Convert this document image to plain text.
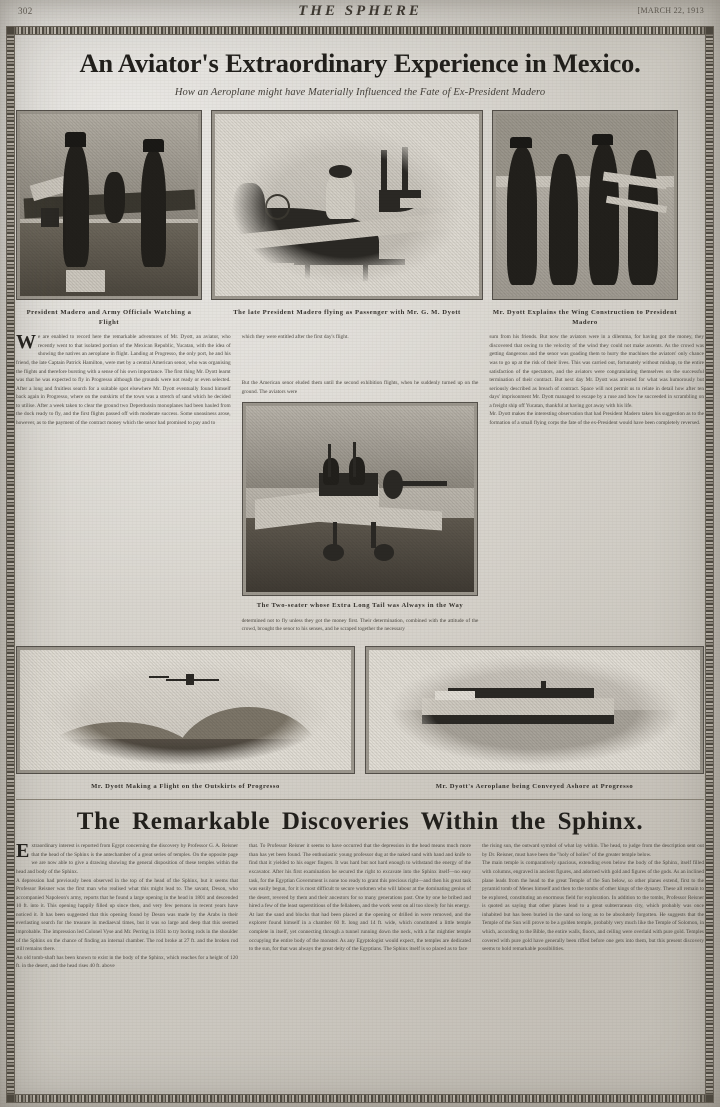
302	THE SPHERE	[MARCH 22, 1913
An Aviator's Extraordinary Experience in Mexico.
How an Aeroplane might have Materially Influenced the Fate of Ex-President Madero
President Madero and Army Officials Watching a Flight
The late President Madero flying as Passenger with Mr. G. M. Dyott	Mr. Dyott Explains the Wing Construction to President Madero
We are enabled to record here the remarkable adventures of Mr. Dyott, an aviator, who recently went to that isolated portion of the Mexican Republic, Yucatan, with the idea of showing the natives an aeroplane in flight. Landing at Progresso, the only port, he and his friend, the late Captain Patrick Hamilton, were met by a central American senor, who was organising the flights and therefore bursting with a sense of his own importance. The first thing Mr. Dyott learnt was that he was expected to fly in Progresso although the grounds were not ready or even selected. After a long and fruitless search for a suitable spot elsewhere Mr. Dyott eventually found himself back again in Progresso, where on the outskirts of the town was a stretch of sand which he decided to utilise. After a week taken to clear the ground two Deperdussin monoplanes had been hauled from the dock ready to fly, and the first flights passed off with moderate success. Some uneasiness arose, however, as to the payment of the contract money which the senor had promised to pay and to
which they were entitled after the first day's flight.
But the American senor eluded them until the second exhibition flights, when he suddenly turned up on the ground. The aviators were
The Two-seater whose Extra Long Tail was Always in the Way
determined not to fly unless they got the money first. Their determination, combined with the attitude of the crowd, brought the senor to his senses, and he scraped together the necessary
sum from his friends. But now the aviators were in a dilemma, for having got the money, they discovered that owing to the velocity of the wind they could not make ascents. As the crowd was getting dangerous and the senor was goading them to hurry the machines the aviators' only chance was to go up at the risk of their lives. This was carried out, fortunately without mishap, to the entire satisfaction of the spectators, and the aviators were congratulating themselves on the successful termination of their contract. But next day Mr. Dyott was arrested for what was humorously but seriously described as breach of contract. Space will not permit us to relate in detail how after ten days' imprisonment Mr. Dyott managed to escape by a ruse and how he succeeded in scrambling on a freight ship off Yucatan, thankful at having got away with his life.
Mr. Dyott makes the interesting observation that had President Madero taken his suggestion as to the formation of a small flying corps the fate of the ex-President would have been completely reversed.
Mr. Dyott Making a Flight on the Outskirts of Progresso	Mr. Dyott's Aeroplane being Conveyed Ashore at Progresso
The Remarkable Discoveries Within the Sphinx.
Extraordinary interest is reported from Egypt concerning the discovery by Professor G. A. Reisner that the head of the Sphinx is the antechamber of a great series of temples. On the opposite page we are now able to give a drawing showing the general disposition of these temples within the head and body of the Sphinx.
A depression had previously been observed in the top of the head of the Sphinx, but it seems that Professor Reisner was the first man who realised what this might lead to. The savant, Deson, who accompanied Napoleon's army, reports that he found a large opening in the head in 1801 and descended 10 ft. into it. This opening happily filled up since then, and very few persons in recent years have noticed it. It has been suggested that this opening found by Deson was made by the Arabs in their everlasting search for the treasure in mediaeval times, but it was so large and deep that this seemed improbable. The impression led Colonel Vyse and Mr. Perring in 1831 to try boring rods in the shoulder of the Sphinx on the chance of finding an internal chamber. The rod broke at 27 ft. and the broken rod still remains there.
An old tomb-shaft has been known to exist in the body of the Sphinx, which reaches for a height of 120 ft. in the desert, and the head rises 40 ft. above
that. To Professor Reisner it seems to have occurred that the depression in the head means much more than has yet been found. The enthusiastic young professor dug at the naked sand with hand and knife to find that it yielded to his eager fingers. It was hard but not hard enough to withstand the energy of the excavator. After his first examination he secured the right to excavate into the Sphinx itself—no easy task, for the Egyptian Government is none too ready to grant this precious right—and then his great task was easily begun, for it is most difficult to secure workmen who will labour at the dominating genius of the desert, revered by them and their ancestors for so many generations past. One by one he bribed and hired a few of the least superstitious of the fellaheen, and the work went on all too slowly for his energy.
At last the sand and blocks that had been placed at the opening or drilled in were removed, and the explorer found himself in a chamber 60 ft. long and 14 ft. wide, which constituted a little temple complete in itself, yet connecting through a tunnel running down the neck, with a far mightier temple occupying the entire body of the monster. As any Egyptologist would expect, the temples are dedicated to the sun, for that was always the great deity of the Egyptians. The Sphinx itself is so placed as to face
the rising sun, the outward symbol of what lay within. The head, to judge from the description sent out by Dr. Reisner, must have been the "holy of holies" of the greater temple below.
The main temple is comparatively spacious, extending even below the body of the Sphinx, itself filled with columns, engraved in ancient figures, and adorned with gold and figures of the gods. As an inclined plane leads from the head to the great Temple of the Sun below, so other planes extend, first to the pyramid tomb of Menes himself and then to the tombs of other kings of the dynasty. These all remain to be explored, constituting an enormous field for exploration. In addition to the tombs, Professor Reisner is quoted as saying that other planes lead to a great subterranean city, which probably was once inhabited but has been buried in the sand so long as to be absolutely forgotten. He suggests that the Temple of the Sun will prove to be a golden temple, probably very much like the Temple of Solomon, in which, according to the Bible, the entire walls, floors, and ceiling were overlaid with pure gold. Temples covered with pure gold have generally been rifled before one gets into them, but this present discovery seems to hold remarkable possibilities.
